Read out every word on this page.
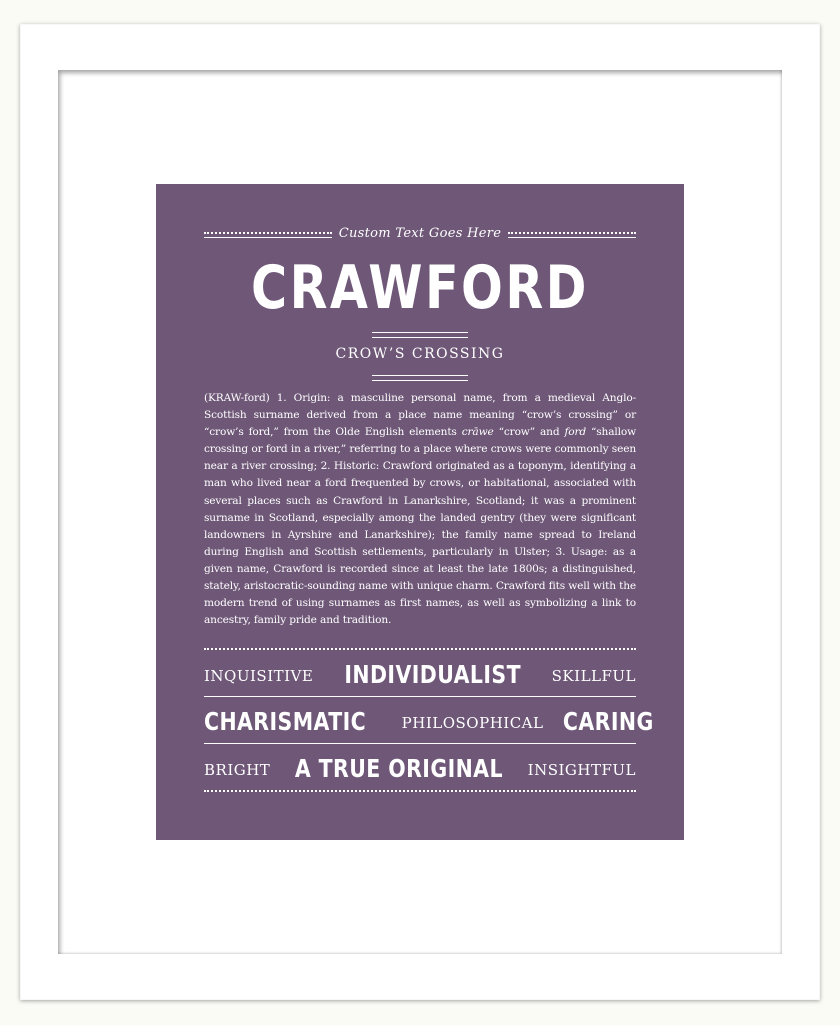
Custom Text Goes Here
CRAWFORD
CROW’S CROSSING
(KRAW-ford) 1. Origin: a masculine personal name, from a medieval Anglo-Scottish surname derived from a place name meaning “crow’s crossing” or “crow’s ford,” from the Olde English elements crāwe “crow” and ford “shallow crossing or ford in a river,” referring to a place where crows were commonly seen near a river crossing; 2. Historic: Crawford originated as a toponym, identifying a man who lived near a ford frequented by crows, or habitational, associated with several places such as Crawford in Lanarkshire, Scotland; it was a prominent surname in Scotland, especially among the landed gentry (they were significant landowners in Ayrshire and Lanarkshire); the family name spread to Ireland during English and Scottish settlements, particularly in Ulster; 3. Usage: as a given name, Crawford is recorded since at least the late 1800s; a distinguished, stately, aristocratic-sounding name with unique charm. Crawford fits well with the modern trend of using surnames as first names, as well as symbolizing a link to ancestry, family pride and tradition.
inquisitive INDIVIDUALIST skillful
CHARISMATIC philosophical CARING
bright A TRUE ORIGINAL insightful
